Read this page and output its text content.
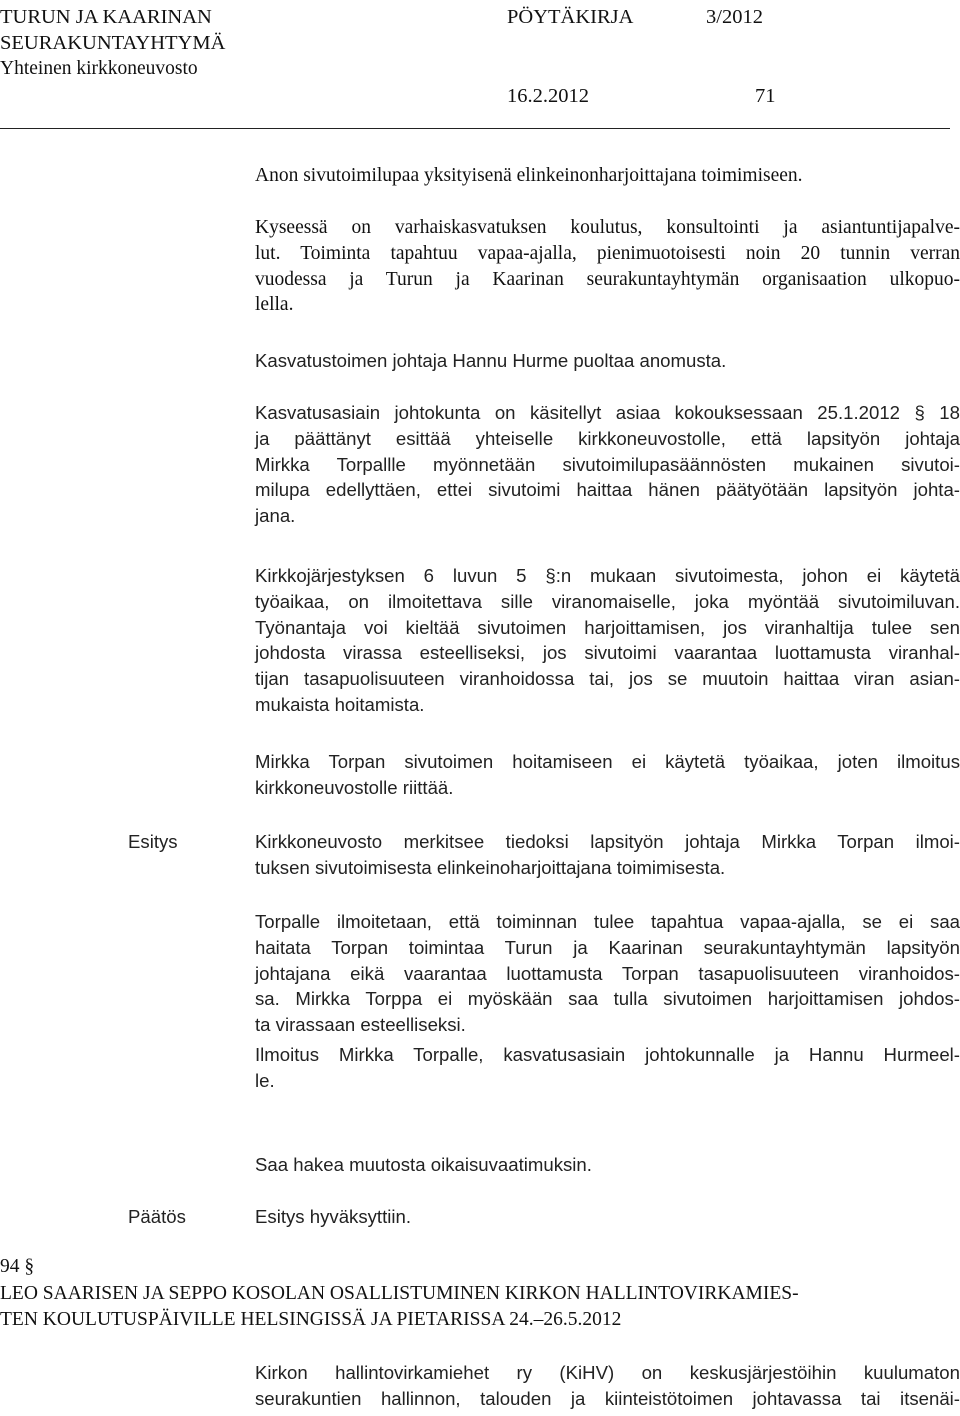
TURUN JA KAARINAN
SEURAKUNTAYHTYMÄ
Yhteinen kirkkoneuvosto
PÖYTÄKIRJA	3/2012
16.2.2012	71

Anon sivutoimilupaa yksityisenä elinkeinonharjoittajana toimimiseen.

Kyseessä on varhaiskasvatuksen koulutus, konsultointi ja asiantuntijapalve-
lut. Toiminta tapahtuu vapaa-ajalla, pienimuotoisesti noin 20 tunnin verran
vuodessa ja Turun ja Kaarinan seurakuntayhtymän organisaation ulkopuo-
lella.
Kasvatustoimen johtaja Hannu Hurme puoltaa anomusta.
Kasvatusasiain johtokunta on käsitellyt asiaa kokouksessaan 25.1.2012 § 18
ja päättänyt esittää yhteiselle kirkkoneuvostolle, että lapsityön johtaja
Mirkka Torpallle myönnetään sivutoimilupasäännösten mukainen sivutoi-
milupa edellyttäen, ettei sivutoimi haittaa hänen päätyötään lapsityön johta-
jana.
Kirkkojärjestyksen 6 luvun 5 §:n mukaan sivutoimesta, johon ei käytetä
työaikaa, on ilmoitettava sille viranomaiselle, joka myöntää sivutoimiluvan.
Työnantaja voi kieltää sivutoimen harjoittamisen, jos viranhaltija tulee sen
johdosta virassa esteelliseksi, jos sivutoimi vaarantaa luottamusta viranhal-
tijan tasapuolisuuteen viranhoidossa tai, jos se muutoin haittaa viran asian-
mukaista hoitamista.
Mirkka Torpan sivutoimen hoitamiseen ei käytetä työaikaa, joten ilmoitus
kirkkoneuvostolle riittää.
Esitys	Kirkkoneuvosto merkitsee tiedoksi lapsityön johtaja Mirkka Torpan ilmoi-
tuksen sivutoimisesta elinkeinoharjoittajana toimimisesta.
Torpalle ilmoitetaan, että toiminnan tulee tapahtua vapaa-ajalla, se ei saa
haitata Torpan toimintaa Turun ja Kaarinan seurakuntayhtymän lapsityön
johtajana eikä vaarantaa luottamusta Torpan tasapuolisuuteen viranhoidos-
sa. Mirkka Torppa ei myöskään saa tulla sivutoimen harjoittamisen johdos-
ta virassaan esteelliseksi.
Ilmoitus Mirkka Torpalle, kasvatusasiain johtokunnalle ja Hannu Hurmeel-
le.
Saa hakea muutosta oikaisuvaatimuksin.
Päätös	Esitys hyväksyttiin.
94 §
LEO SAARISEN JA SEPPO KOSOLAN OSALLISTUMINEN KIRKON HALLINTOVIRKAMIES-
TEN KOULUTUSPÄIVILLE HELSINGISSÄ JA PIETARISSA 24.–26.5.2012
Kirkon hallintovirkamiehet ry (KiHV) on keskusjärjestöihin kuulumaton
seurakuntien hallinnon, talouden ja kiinteistötoimen johtavassa tai itsenäi-
